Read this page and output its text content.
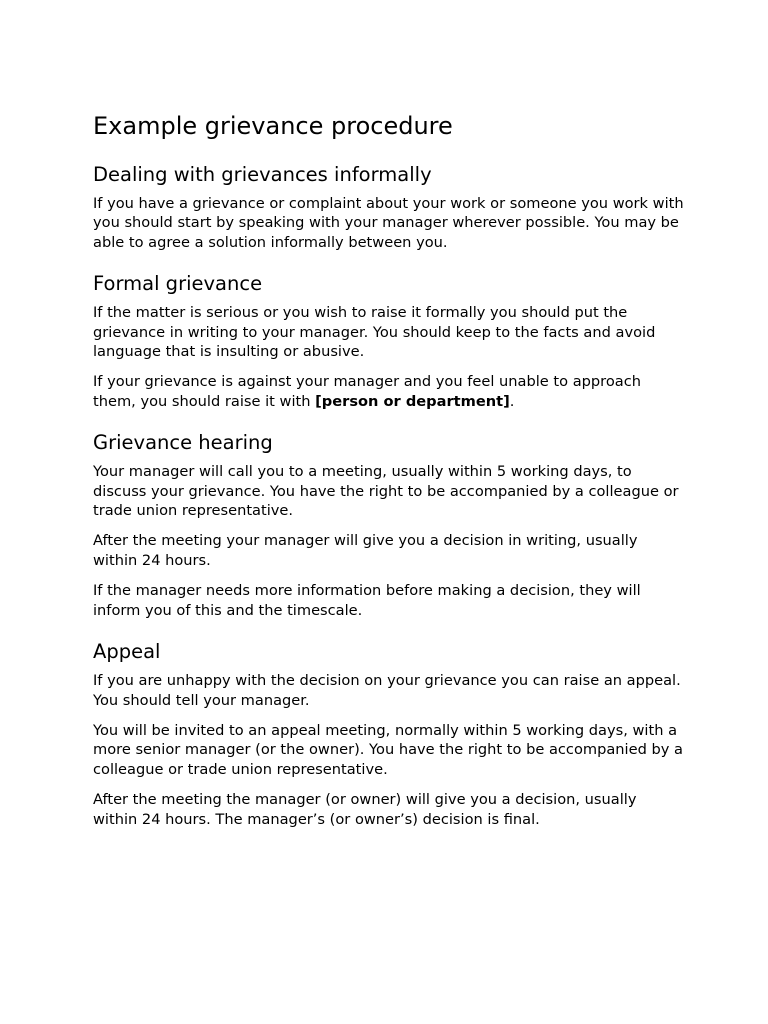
Example grievance procedure
Dealing with grievances informally

If you have a grievance or complaint about your work or someone you work with you should start by speaking with your manager wherever possible. You may be able to agree a solution informally between you.

Formal grievance

If the matter is serious or you wish to raise it formally you should put the grievance in writing to your manager. You should keep to the facts and avoid language that is insulting or abusive.

If your grievance is against your manager and you feel unable to approach them, you should raise it with [person or department].

Grievance hearing

Your manager will call you to a meeting, usually within 5 working days, to discuss your grievance. You have the right to be accompanied by a colleague or trade union representative.

After the meeting your manager will give you a decision in writing, usually within 24 hours.

If the manager needs more information before making a decision, they will inform you of this and the timescale.

Appeal

If you are unhappy with the decision on your grievance you can raise an appeal. You should tell your manager.

You will be invited to an appeal meeting, normally within 5 working days, with a more senior manager (or the owner). You have the right to be accompanied by a colleague or trade union representative.

After the meeting the manager (or owner) will give you a decision, usually within 24 hours. The manager’s (or owner’s) decision is final.
